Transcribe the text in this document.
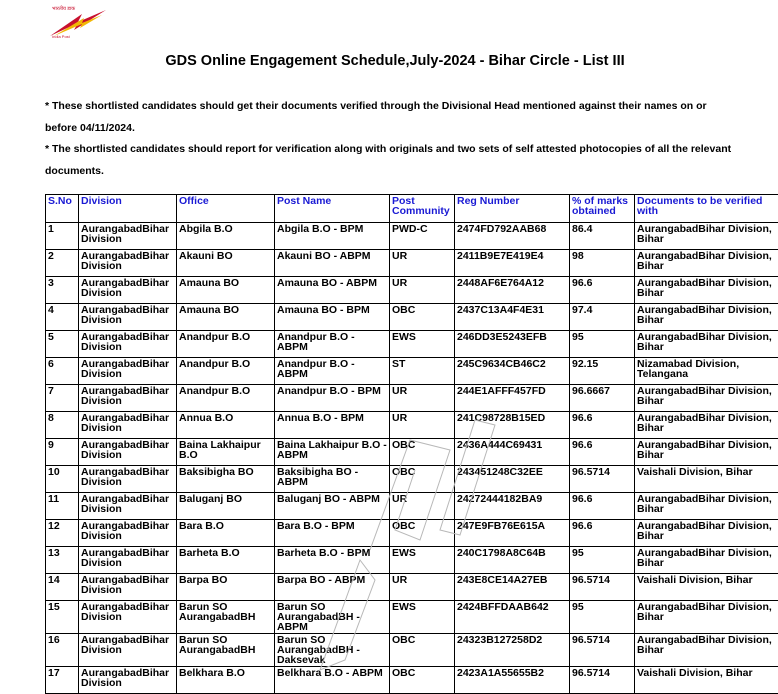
भारतीय डाक
India Post
GDS Online Engagement Schedule,July-2024 - Bihar Circle - List III

* These shortlisted candidates should get their documents verified through the Divisional Head mentioned against their names on or before 04/11/2024.

* The shortlisted candidates should report for verification along with originals and two sets of self attested photocopies of all the relevant documents.

S.No	Division	Office	Post Name	Post Community	Reg Number	% of marks obtained	Documents to be verified with
1	AurangabadBihar Division	Abgila B.O	Abgila B.O - BPM	PWD-C	2474FD792AAB68	86.4	AurangabadBihar Division, Bihar
2	AurangabadBihar Division	Akauni BO	Akauni BO - ABPM	UR	2411B9E7E419E4	98	AurangabadBihar Division, Bihar
3	AurangabadBihar Division	Amauna BO	Amauna BO - ABPM	UR	2448AF6E764A12	96.6	AurangabadBihar Division, Bihar
4	AurangabadBihar Division	Amauna BO	Amauna BO - BPM	OBC	2437C13A4F4E31	97.4	AurangabadBihar Division, Bihar
5	AurangabadBihar Division	Anandpur B.O	Anandpur B.O - ABPM	EWS	246DD3E5243EFB	95	AurangabadBihar Division, Bihar
6	AurangabadBihar Division	Anandpur B.O	Anandpur B.O - ABPM	ST	245C9634CB46C2	92.15	Nizamabad Division, Telangana
7	AurangabadBihar Division	Anandpur B.O	Anandpur B.O - BPM	UR	244E1AFFF457FD	96.6667	AurangabadBihar Division, Bihar
8	AurangabadBihar Division	Annua B.O	Annua B.O - BPM	UR	241C98728B15ED	96.6	AurangabadBihar Division, Bihar
9	AurangabadBihar Division	Baina Lakhaipur B.O	Baina Lakhaipur B.O - ABPM	OBC	2436A444C69431	96.6	AurangabadBihar Division, Bihar
10	AurangabadBihar Division	Baksibigha BO	Baksibigha BO - ABPM	OBC	243451248C32EE	96.5714	Vaishali Division, Bihar
11	AurangabadBihar Division	Baluganj BO	Baluganj BO - ABPM	UR	24272444182BA9	96.6	AurangabadBihar Division, Bihar
12	AurangabadBihar Division	Bara B.O	Bara B.O - BPM	OBC	247E9FB76E615A	96.6	AurangabadBihar Division, Bihar
13	AurangabadBihar Division	Barheta B.O	Barheta B.O - BPM	EWS	240C1798A8C64B	95	AurangabadBihar Division, Bihar
14	AurangabadBihar Division	Barpa BO	Barpa BO - ABPM	UR	243E8CE14A27EB	96.5714	Vaishali Division, Bihar
15	AurangabadBihar Division	Barun SO AurangabadBH	Barun SO AurangabadBH - ABPM	EWS	2424BFFDAAB642	95	AurangabadBihar Division, Bihar
16	AurangabadBihar Division	Barun SO AurangabadBH	Barun SO AurangabadBH - Daksevak	OBC	24323B127258D2	96.5714	AurangabadBihar Division, Bihar
17	AurangabadBihar Division	Belkhara B.O	Belkhara B.O - ABPM	OBC	2423A1A55655B2	96.5714	Vaishali Division, Bihar
